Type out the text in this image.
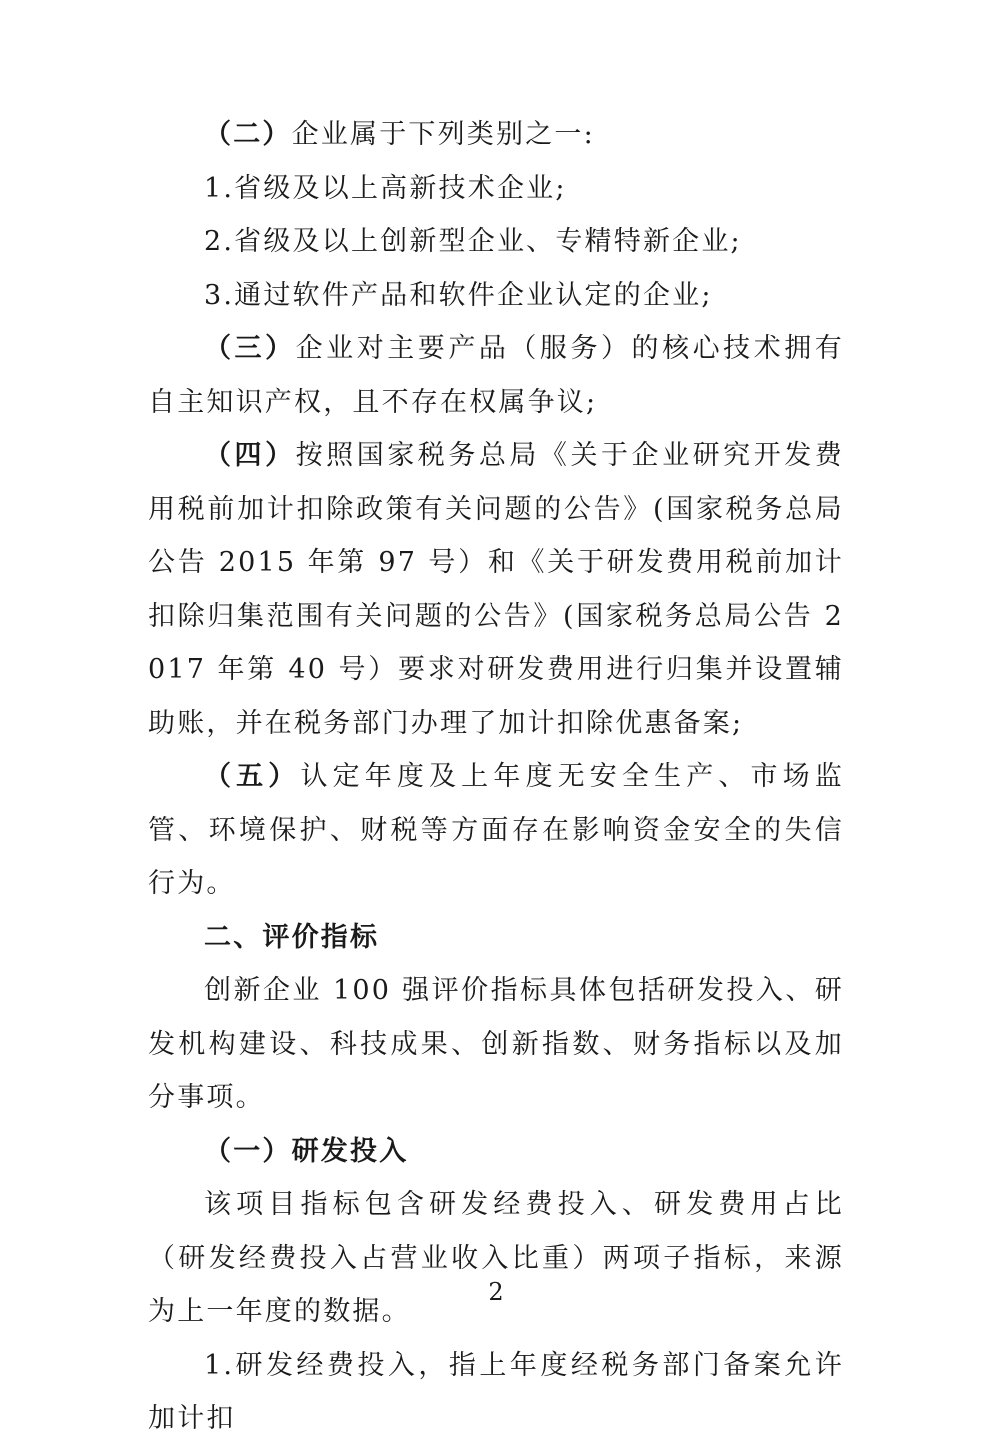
（二）企业属于下列类别之一:

1.省级及以上高新技术企业;

2.省级及以上创新型企业、专精特新企业;

3.通过软件产品和软件企业认定的企业;

（三）企业对主要产品（服务）的核心技术拥有自主知识产权，且不存在权属争议;

（四）按照国家税务总局《关于企业研究开发费用税前加计扣除政策有关问题的公告》(国家税务总局公告 2015 年第 97 号）和《关于研发费用税前加计扣除归集范围有关问题的公告》(国家税务总局公告 2017 年第 40 号）要求对研发费用进行归集并设置辅助账，并在税务部门办理了加计扣除优惠备案;

（五）认定年度及上年度无安全生产、市场监管、环境保护、财税等方面存在影响资金安全的失信行为。

二、评价指标

创新企业 100 强评价指标具体包括研发投入、研发机构建设、科技成果、创新指数、财务指标以及加分事项。

（一）研发投入

该项目指标包含研发经费投入、研发费用占比（研发经费投入占营业收入比重）两项子指标，来源为上一年度的数据。

1.研发经费投入，指上年度经税务部门备案允许加计扣

2
